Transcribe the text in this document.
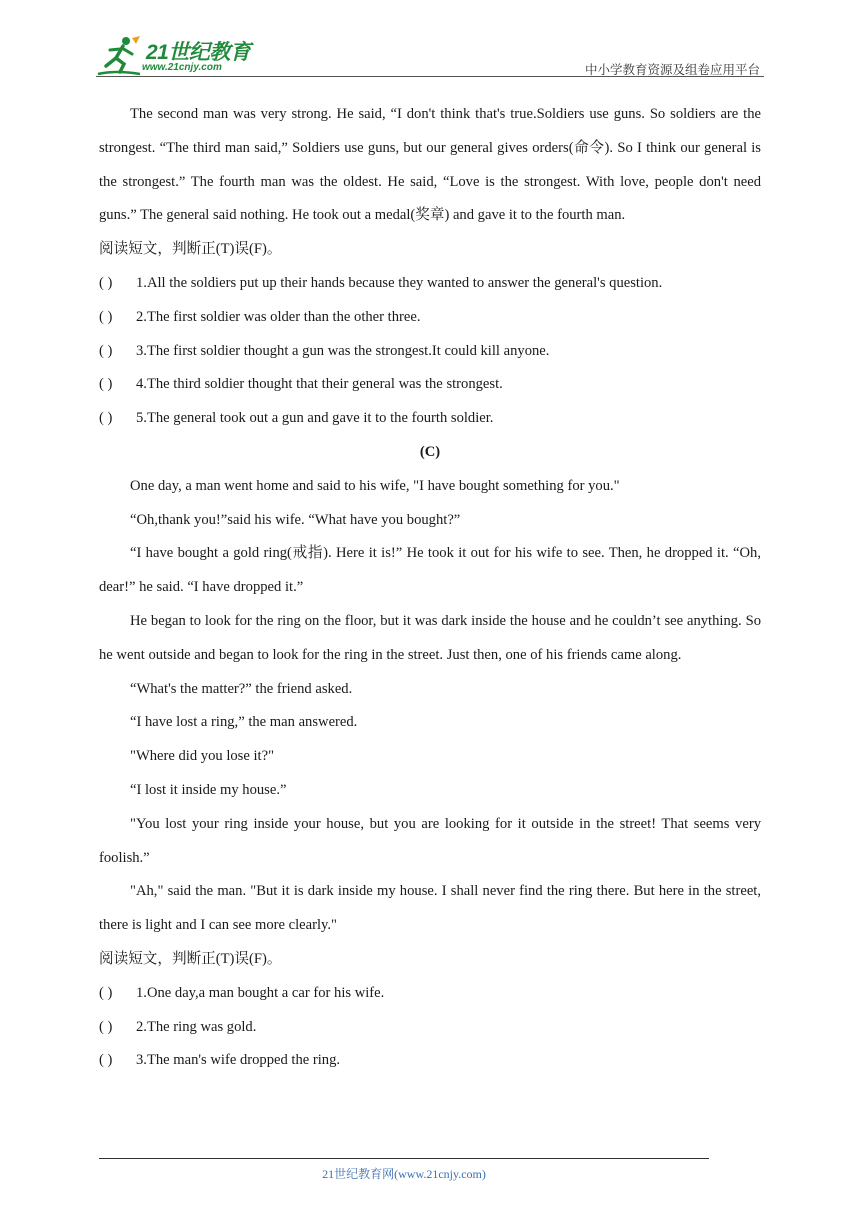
21世纪教育
www.21cnjy.com	中小学教育资源及组卷应用平台

The second man was very strong. He said, “I don't think that's true.Soldiers use guns. So soldiers are the strongest. “The third man said,” Soldiers use guns, but our general gives orders(命令). So I think our general is the strongest.” The fourth man was the oldest. He said, “Love is the strongest. With love, people don't need guns.” The general said nothing. He took out a medal(奖章) and gave it to the fourth man.

阅读短文，判断正(T)误(F)。

( ) 1.All the soldiers put up their hands because they wanted to answer the general's question.

( ) 2.The first soldier was older than the other three.

( ) 3.The first soldier thought a gun was the strongest.It could kill anyone.

( ) 4.The third soldier thought that their general was the strongest.

( ) 5.The general took out a gun and gave it to the fourth soldier.

(C)

One day, a man went home and said to his wife, "I have bought something for you."

“Oh,thank you!”said his wife. “What have you bought?”

“I have bought a gold ring(戒指). Here it is!” He took it out for his wife to see. Then, he dropped it. “Oh, dear!” he said. “I have dropped it.”

He began to look for the ring on the floor, but it was dark inside the house and he couldn’t see anything. So he went outside and began to look for the ring in the street. Just then, one of his friends came along.

“What's the matter?” the friend asked.

“I have lost a ring,” the man answered.

"Where did you lose it?"

“I lost it inside my house.”

"You lost your ring inside your house, but you are looking for it outside in the street! That seems very foolish.”

"Ah," said the man. "But it is dark inside my house. I shall never find the ring there. But here in the street, there is light and I can see more clearly."

阅读短文，判断正(T)误(F)。

( ) 1.One day,a man bought a car for his wife.

( ) 2.The ring was gold.

( ) 3.The man's wife dropped the ring.

21世纪教育网(www.21cnjy.com)
